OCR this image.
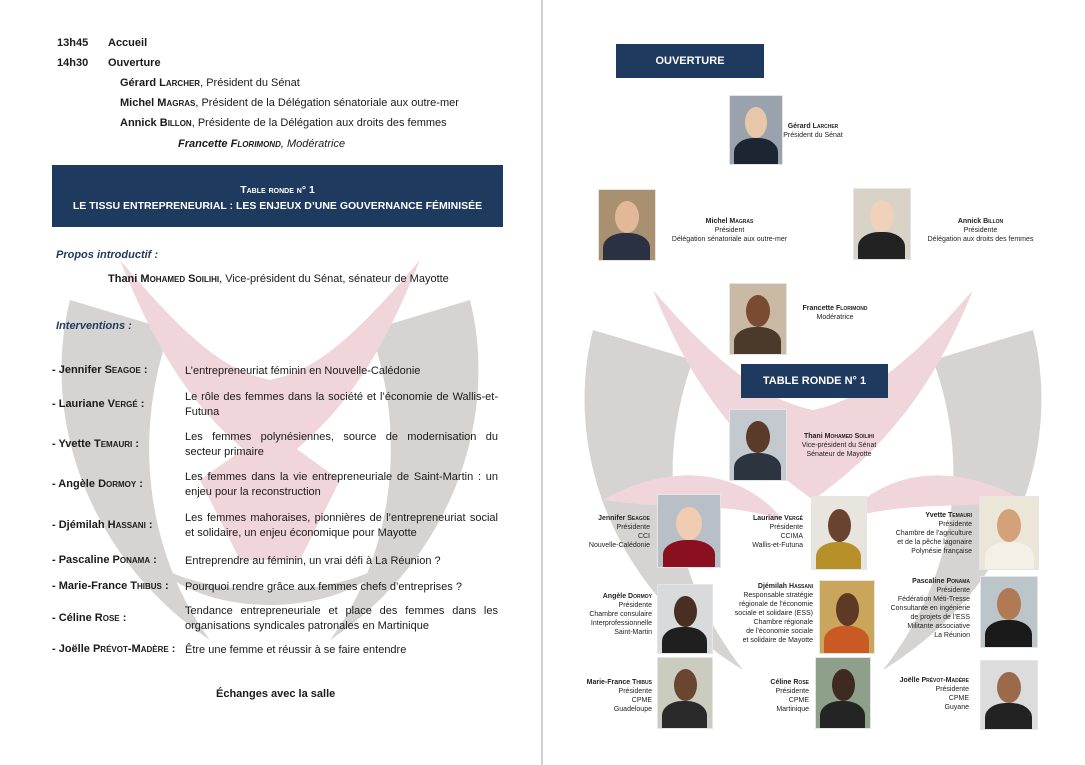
13h45	Accueil
14h30	Ouverture
Gérard Larcher, Président du Sénat
Michel Magras, Président de la Délégation sénatoriale aux outre-mer
Annick Billon, Présidente de la Délégation aux droits des femmes
Francette Florimond, Modératrice
Table ronde n° 1
LE TISSU ENTREPRENEURIAL : LES ENJEUX D’UNE GOUVERNANCE FÉMINISÉE
Propos introductif :
Thani Mohamed Soilihi, Vice-président du Sénat, sénateur de Mayotte
Interventions :
- Jennifer Seagoe :	L’entrepreneuriat féminin en Nouvelle-Calédonie
- Lauriane Vergé :
Le rôle des femmes dans la société et l’économie de Wallis-et-Futuna
- Yvette Temauri :
Les femmes polynésiennes, source de modernisation du secteur primaire
- Angèle Dormoy :
Les femmes dans la vie entrepreneuriale de Saint-Martin : un enjeu pour la reconstruction
- Djémilah Hassani :
Les femmes mahoraises, pionnières de l’entrepreneuriat social et solidaire, un enjeu économique pour Mayotte
- Pascaline Ponama :	Entreprendre au féminin, un vrai défi à La Réunion ?
- Marie-France Thibus : Pourquoi rendre grâce aux femmes chefs d’entreprises ?
- Céline Rose :
Tendance entrepreneuriale et place des femmes dans les organisations syndicales patronales en Martinique
- Joëlle Prévot-Madère : Être une femme et réussir à se faire entendre
Échanges avec la salle
OUVERTURE
TABLE RONDE N° 1
Gérard Larcher
Président du Sénat
Michel Magras
Président
Délégation sénatoriale aux outre-mer
Annick Billon
Présidente
Délégation aux droits des femmes
Francette Florimond
Modératrice
Thani Mohamed Soilihi
Vice-président du Sénat
Sénateur de Mayotte
Jennifer Seagoe
Présidente
CCI
Nouvelle-Calédonie
Lauriane Vergé
Présidente
CCIMA
Wallis-et-Futuna
Yvette Temauri
Présidente
Chambre de l’agriculture
et de la pêche lagonaire
Polynésie française
Angèle Dormoy
Présidente
Chambre consulaire
Interprofessionnelle
Saint-Martin
Djémilah Hassani
Responsable stratégie
régionale de l’économie
sociale et solidaire (ESS)
Chambre régionale
de l’économie sociale
et solidaire de Mayotte
Pascaline Ponama
Présidente
Fédération Méti-Tresse
Consultante en ingénierie
de projets de l’ESS
Militante associative
La Réunion
Marie-France Thibus
Présidente
CPME
Guadeloupe
Céline Rose
Présidente
CPME
Martinique
Joëlle Prévot-Madère
Présidente
CPME
Guyane
